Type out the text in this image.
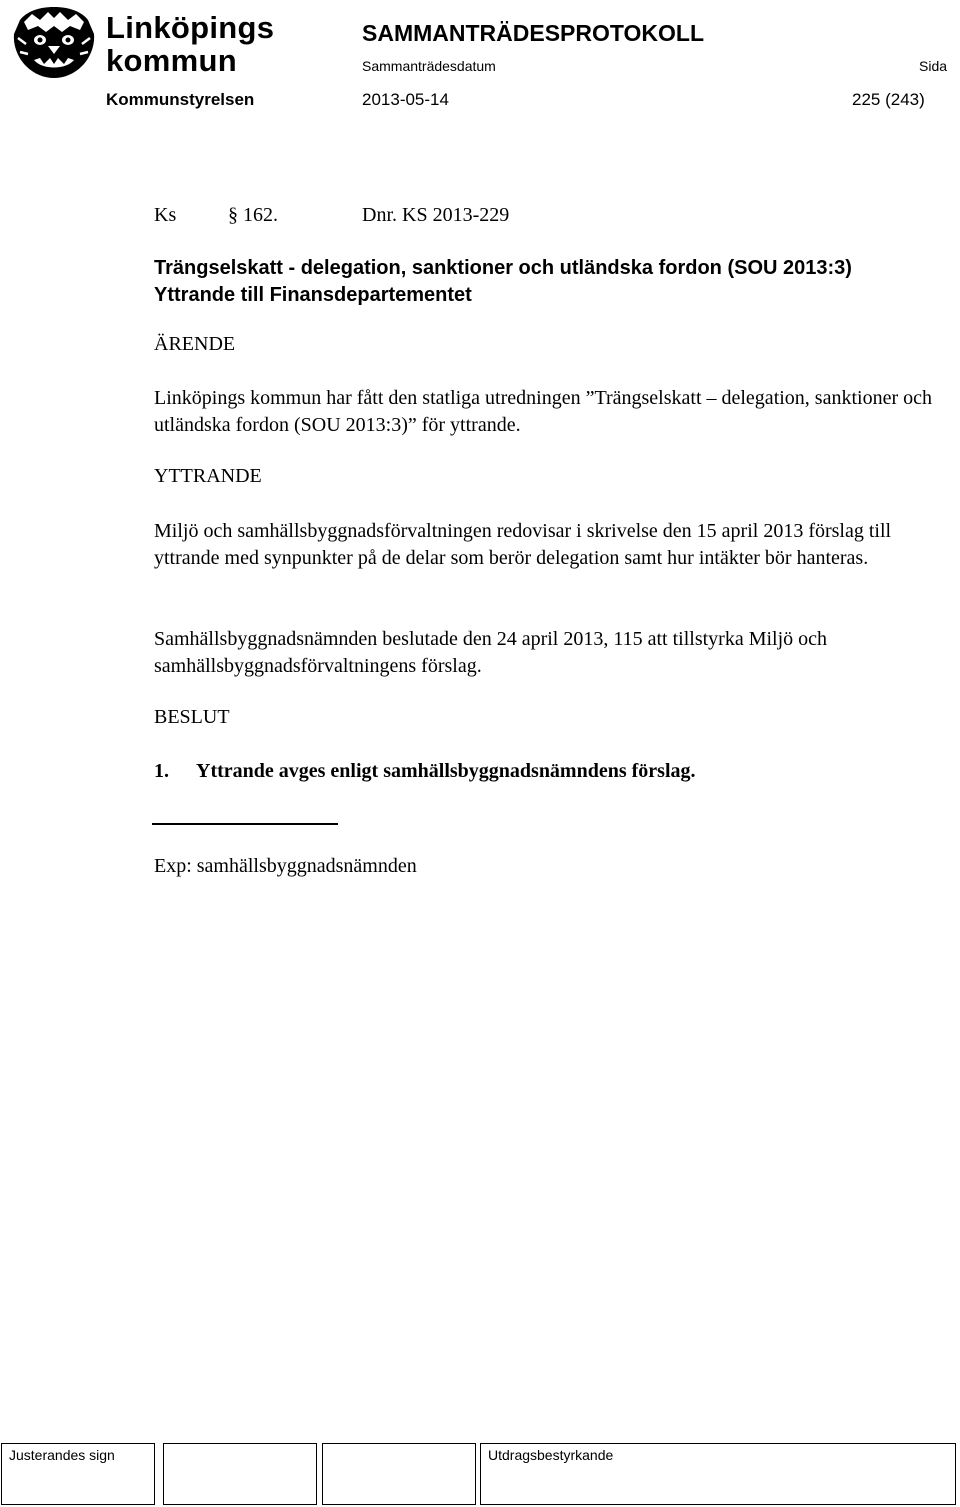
Linköpings
kommun
SAMMANTRÄDESPROTOKOLL
Sammanträdesdatum	Sida
Kommunstyrelsen	2013-05-14	225 (243)
Ks	§ 162.	Dnr. KS 2013-229
Trängselskatt - delegation, sanktioner och utländska fordon (SOU 2013:3) Yttrande till Finansdepartementet
ÄRENDE
Linköpings kommun har fått den statliga utredningen ”Trängselskatt – delegation, sanktioner och utländska fordon (SOU 2013:3)” för yttrande.
YTTRANDE
Miljö och samhällsbyggnadsförvaltningen redovisar i skrivelse den 15 april 2013 förslag till yttrande med synpunkter på de delar som berör delegation samt hur intäkter bör hanteras.
Samhällsbyggnadsnämnden beslutade den 24 april 2013, 115 att tillstyrka Miljö och samhällsbyggnadsförvaltningens förslag.
BESLUT
1. Yttrande avges enligt samhällsbyggnadsnämndens förslag.
Exp: samhällsbyggnadsnämnden
Justerandes sign	Utdragsbestyrkande
